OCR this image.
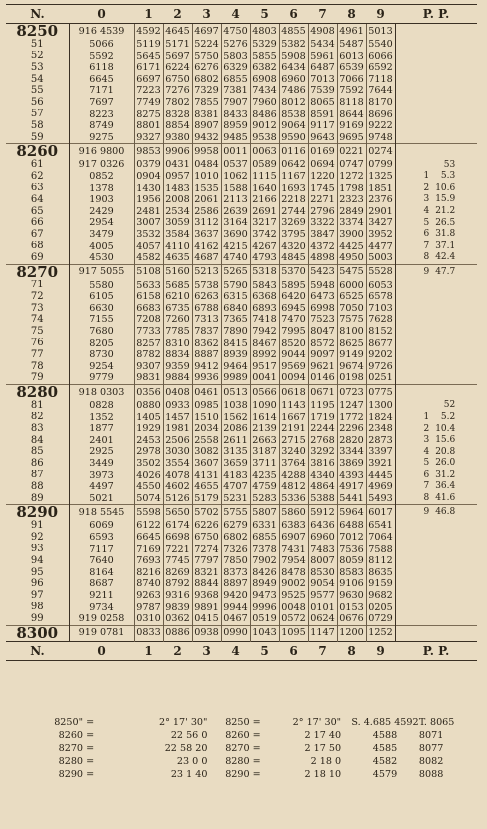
N.	0	1	2	3	4	5	6	7	8	9	P. P.
8250	916 4539	4592	4645	4697	4750	4803	4855	4908	4961	5013	
51	5066	5119	5171	5224	5276	5329	5382	5434	5487	5540	
52	5592	5645	5697	5750	5803	5855	5908	5961	6013	6066	
53	6118	6171	6224	6276	6329	6382	6434	6487	6539	6592	
54	6645	6697	6750	6802	6855	6908	6960	7013	7066	7118	
55	7171	7223	7276	7329	7381	7434	7486	7539	7592	7644	
56	7697	7749	7802	7855	7907	7960	8012	8065	8118	8170	
57	8223	8275	8328	8381	8433	8486	8538	8591	8644	8696	
58	8749	8801	8854	8907	8959	9012	9064	9117	9169	9222	
59	9275	9327	9380	9432	9485	9538	9590	9643	9695	9748	
8260	916 9800	9853	9906	9958	0011	0063	0116	0169	0221	0274	
61	917 0326	0379	0431	0484	0537	0589	0642	0694	0747	0799	53
62	0852	0904	0957	1010	1062	1115	1167	1220	1272	1325	1 5.3
63	1378	1430	1483	1535	1588	1640	1693	1745	1798	1851	2 10.6
64	1903	1956	2008	2061	2113	2166	2218	2271	2323	2376	3 15.9
65	2429	2481	2534	2586	2639	2691	2744	2796	2849	2901	4 21.2
66	2954	3007	3059	3112	3164	3217	3269	3322	3374	3427	5 26.5
67	3479	3532	3584	3637	3690	3742	3795	3847	3900	3952	6 31.8
68	4005	4057	4110	4162	4215	4267	4320	4372	4425	4477	7 37.1
69	4530	4582	4635	4687	4740	4793	4845	4898	4950	5003	8 42.4
8270	917 5055	5108	5160	5213	5265	5318	5370	5423	5475	5528	9 47.7
71	5580	5633	5685	5738	5790	5843	5895	5948	6000	6053	
72	6105	6158	6210	6263	6315	6368	6420	6473	6525	6578	
73	6630	6683	6735	6788	6840	6893	6945	6998	7050	7103	
74	7155	7208	7260	7313	7365	7418	7470	7523	7575	7628	
75	7680	7733	7785	7837	7890	7942	7995	8047	8100	8152	
76	8205	8257	8310	8362	8415	8467	8520	8572	8625	8677	
77	8730	8782	8834	8887	8939	8992	9044	9097	9149	9202	
78	9254	9307	9359	9412	9464	9517	9569	9621	9674	9726	
79	9779	9831	9884	9936	9989	0041	0094	0146	0198	0251	
8280	918 0303	0356	0408	0461	0513	0566	0618	0671	0723	0775	
81	0828	0880	0933	0985	1038	1090	1143	1195	1247	1300	52
82	1352	1405	1457	1510	1562	1614	1667	1719	1772	1824	1 5.2
83	1877	1929	1981	2034	2086	2139	2191	2244	2296	2348	2 10.4
84	2401	2453	2506	2558	2611	2663	2715	2768	2820	2873	3 15.6
85	2925	2978	3030	3082	3135	3187	3240	3292	3344	3397	4 20.8
86	3449	3502	3554	3607	3659	3711	3764	3816	3869	3921	5 26.0
87	3973	4026	4078	4131	4183	4235	4288	4340	4393	4445	6 31.2
88	4497	4550	4602	4655	4707	4759	4812	4864	4917	4969	7 36.4
89	5021	5074	5126	5179	5231	5283	5336	5388	5441	5493	8 41.6
8290	918 5545	5598	5650	5702	5755	5807	5860	5912	5964	6017	9 46.8
91	6069	6122	6174	6226	6279	6331	6383	6436	6488	6541	
92	6593	6645	6698	6750	6802	6855	6907	6960	7012	7064	
93	7117	7169	7221	7274	7326	7378	7431	7483	7536	7588	
94	7640	7693	7745	7797	7850	7902	7954	8007	8059	8112	
95	8164	8216	8269	8321	8373	8426	8478	8530	8583	8635	
96	8687	8740	8792	8844	8897	8949	9002	9054	9106	9159	
97	9211	9263	9316	9368	9420	9473	9525	9577	9630	9682	
98	9734	9787	9839	9891	9944	9996	0048	0101	0153	0205	
99	919 0258	0310	0362	0415	0467	0519	0572	0624	0676	0729	
8300	919 0781	0833	0886	0938	0990	1043	1095	1147	1200	1252	
N.	0	1	2	3	4	5	6	7	8	9	P. P.
8250" =	2° 17' 30"	8250 =	2° 17' 30"	S. 4.685 4592 T. 8065
8260 =	22 56 0	8260 =	2 17 40	4588	8071
8270 =	22 58 20	8270 =	2 17 50	4585	8077
8280 =	23 0 0	8280 =	2 18 0	4582	8082
8290 =	23 1 40	8290 =	2 18 10	4579	8088
